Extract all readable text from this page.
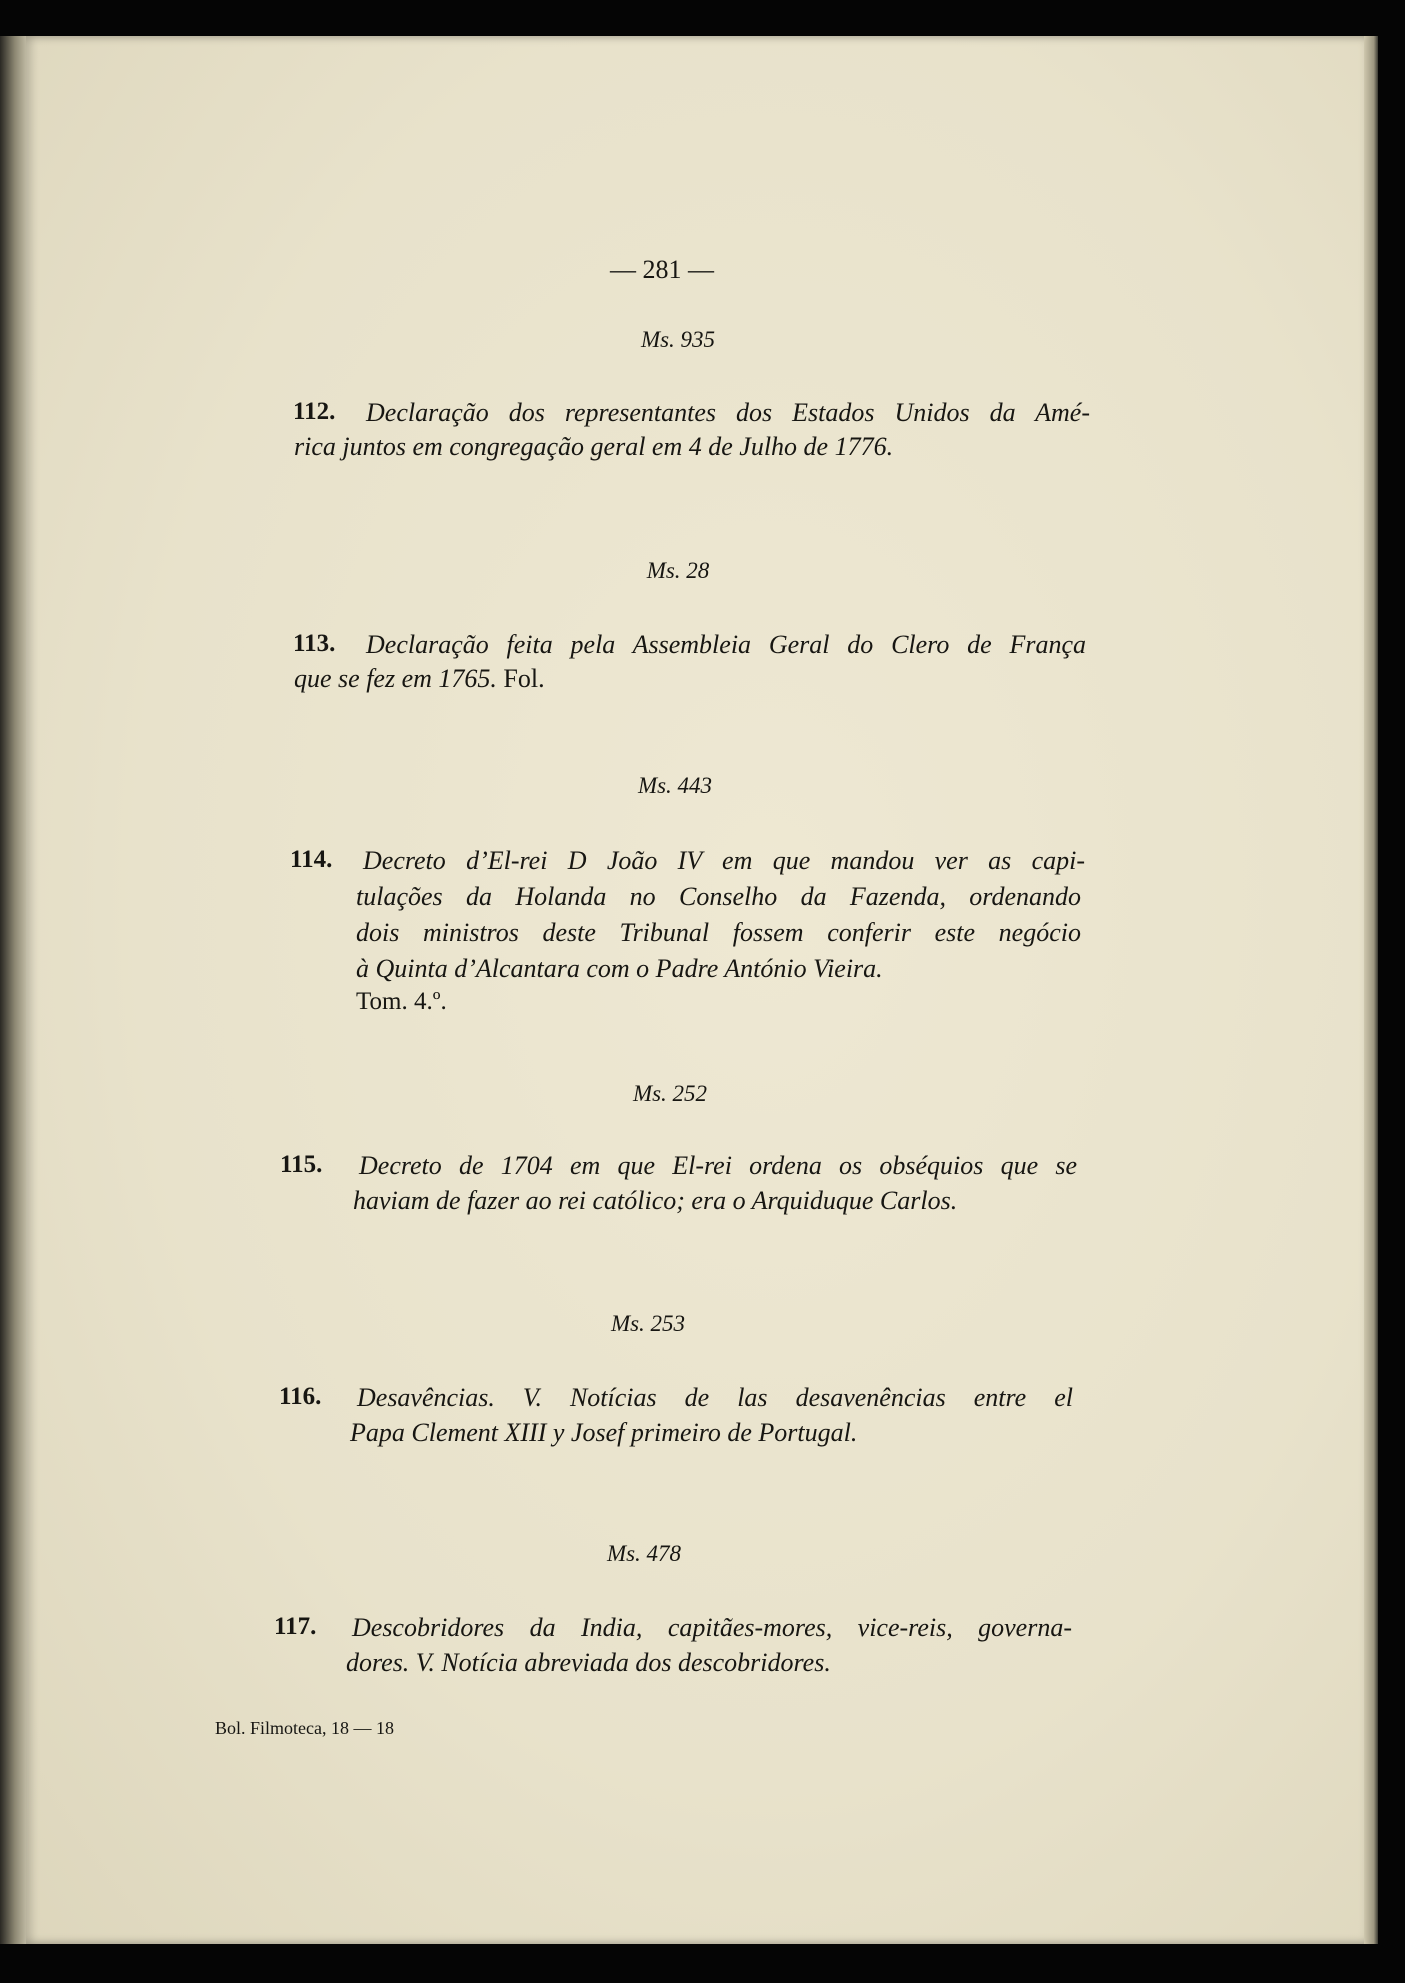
— 281 —
Ms. 935
112. Declaração dos representantes dos Estados Unidos da Amé-
rica juntos em congregação geral em 4 de Julho de 1776.
Ms. 28
113. Declaração feita pela Assembleia Geral do Clero de França
que se fez em 1765. Fol.
Ms. 443
114. Decreto d’El-rei D João IV em que mandou ver as capi-
tulações da Holanda no Conselho da Fazenda, ordenando
dois ministros deste Tribunal fossem conferir este negócio
à Quinta d’Alcantara com o Padre António Vieira.
Tom. 4.º.
Ms. 252
115. Decreto de 1704 em que El-rei ordena os obséquios que se
haviam de fazer ao rei católico; era o Arquiduque Carlos.
Ms. 253
116. Desavências. V. Notícias de las desavenências entre el
Papa Clement XIII y Josef primeiro de Portugal.
Ms. 478
117. Descobridores da India, capitães-mores, vice-reis, governa-
dores. V. Notícia abreviada dos descobridores.
Bol. Filmoteca, 18 — 18
